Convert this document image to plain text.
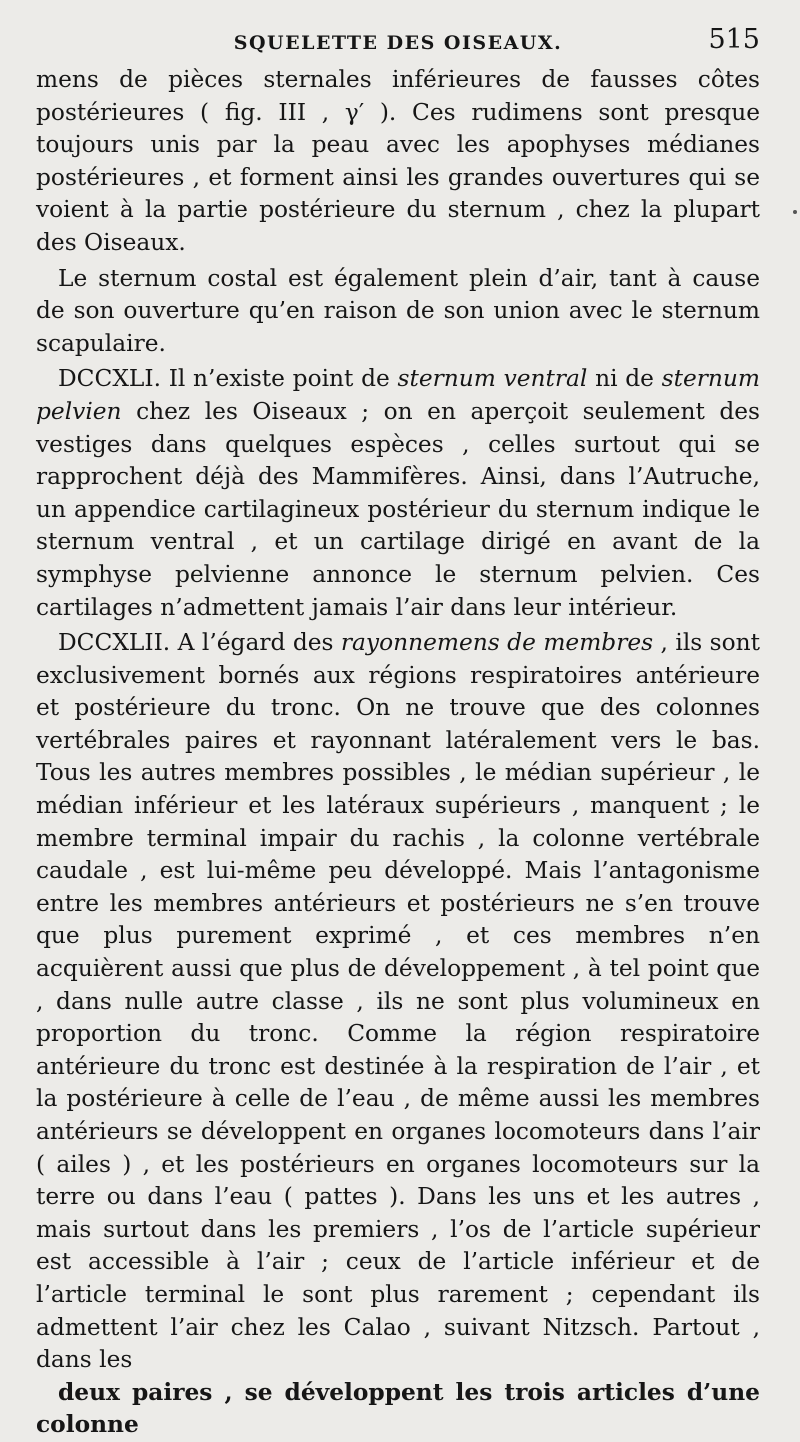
SQUELETTE DES OISEAUX.	515

mens de pièces sternales inférieures de fausses côtes postérieures ( fig. III , γ′ ). Ces rudimens sont presque toujours unis par la peau avec les apophyses médianes postérieures , et forment ainsi les grandes ouvertures qui se voient à la partie postérieure du sternum , chez la plupart des Oiseaux.

Le sternum costal est également plein d’air, tant à cause de son ouverture qu’en raison de son union avec le sternum scapulaire.

DCCXLI. Il n’existe point de sternum ventral ni de sternum pelvien chez les Oiseaux ; on en aperçoit seulement des vestiges dans quelques espèces , celles surtout qui se rapprochent déjà des Mammifères. Ainsi, dans l’Autruche, un appendice cartilagineux postérieur du sternum indique le sternum ventral , et un cartilage dirigé en avant de la symphyse pelvienne annonce le sternum pelvien. Ces cartilages n’admettent jamais l’air dans leur intérieur.

DCCXLII. A l’égard des rayonnemens de membres , ils sont exclusivement bornés aux régions respiratoires antérieure et postérieure du tronc. On ne trouve que des colonnes vertébrales paires et rayonnant latéralement vers le bas. Tous les autres membres possibles , le médian supérieur , le médian inférieur et les latéraux supérieurs , manquent ; le membre terminal impair du rachis , la colonne vertébrale caudale , est lui-même peu développé. Mais l’antagonisme entre les membres antérieurs et postérieurs ne s’en trouve que plus purement exprimé , et ces membres n’en acquièrent aussi que plus de développement , à tel point que , dans nulle autre classe , ils ne sont plus volumineux en proportion du tronc. Comme la région respiratoire antérieure du tronc est destinée à la respiration de l’air , et la postérieure à celle de l’eau , de même aussi les membres antérieurs se développent en organes locomoteurs dans l’air ( ailes ) , et les postérieurs en organes locomoteurs sur la terre ou dans l’eau ( pattes ). Dans les uns et les autres , mais surtout dans les premiers , l’os de l’article supérieur est accessible à l’air ; ceux de l’article inférieur et de l’article terminal le sont plus rarement ; cependant ils admettent l’air chez les Calao , suivant Nitzsch. Partout , dans les
deux paires , se développent les trois articles d’une colonne
